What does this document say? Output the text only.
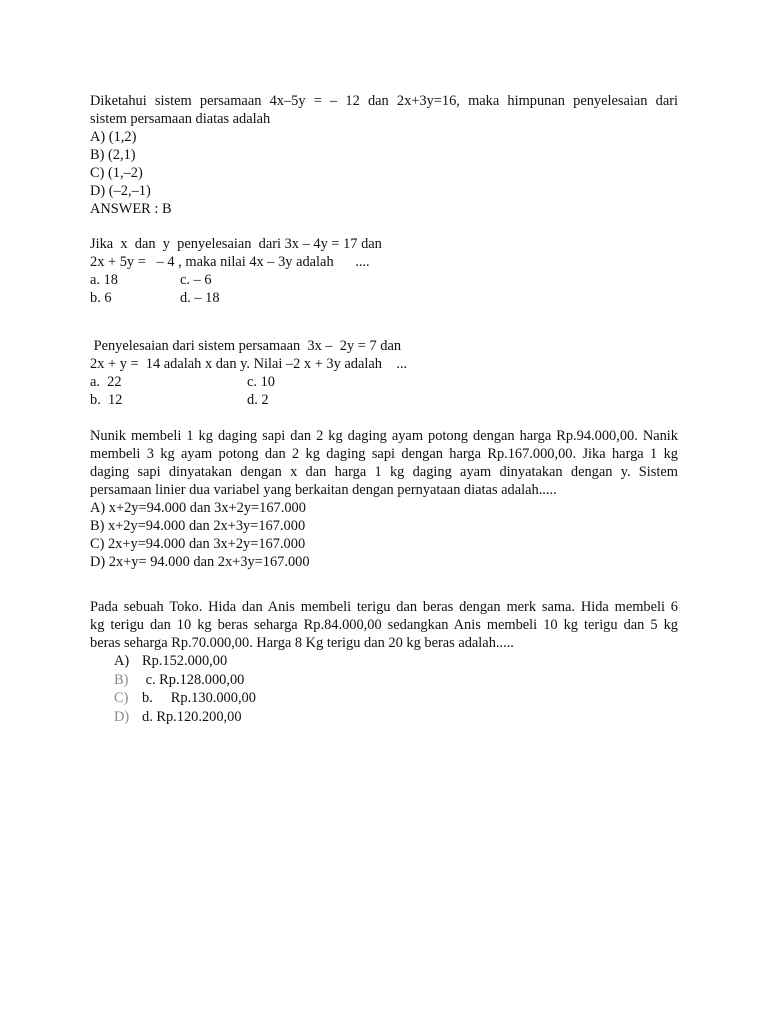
Diketahui sistem persamaan 4x–5y = – 12 dan 2x+3y=16, maka himpunan penyelesaian dari
sistem persamaan diatas adalah
A) (1,2)
B) (2,1)
C) (1,–2)
D) (–2,–1)
ANSWER : B
Jika  x  dan  y  penyelesaian  dari 3x – 4y = 17 dan
2x + 5y =   – 4 , maka nilai 4x – 3y adalah      ....
a. 18	c. – 6
b. 6	d. – 18
Penyelesaian dari sistem persamaan  3x –  2y = 7 dan
2x + y =  14 adalah x dan y. Nilai –2 x + 3y adalah    ...
a.  22	c. 10
b.  12	d. 2
Nunik membeli 1 kg daging sapi dan 2 kg daging ayam potong dengan harga Rp.94.000,00. Nanik
membeli 3 kg ayam potong dan 2 kg daging sapi dengan harga Rp.167.000,00. Jika harga 1 kg
daging sapi dinyatakan dengan x dan harga 1 kg daging ayam dinyatakan dengan y. Sistem
persamaan linier dua variabel yang berkaitan dengan pernyataan diatas adalah.....
A) x+2y=94.000 dan 3x+2y=167.000
B) x+2y=94.000 dan 2x+3y=167.000
C) 2x+y=94.000 dan 3x+2y=167.000
D) 2x+y= 94.000 dan 2x+3y=167.000
Pada sebuah Toko. Hida dan Anis membeli terigu dan beras dengan merk sama. Hida membeli 6
kg terigu dan 10 kg beras seharga Rp.84.000,00 sedangkan Anis membeli 10 kg terigu dan 5 kg
beras seharga Rp.70.000,00. Harga 8 Kg terigu dan 20 kg beras adalah.....
A) Rp.152.000,00
B) c. Rp.128.000,00
C) b.     Rp.130.000,00
D) d. Rp.120.200,00
